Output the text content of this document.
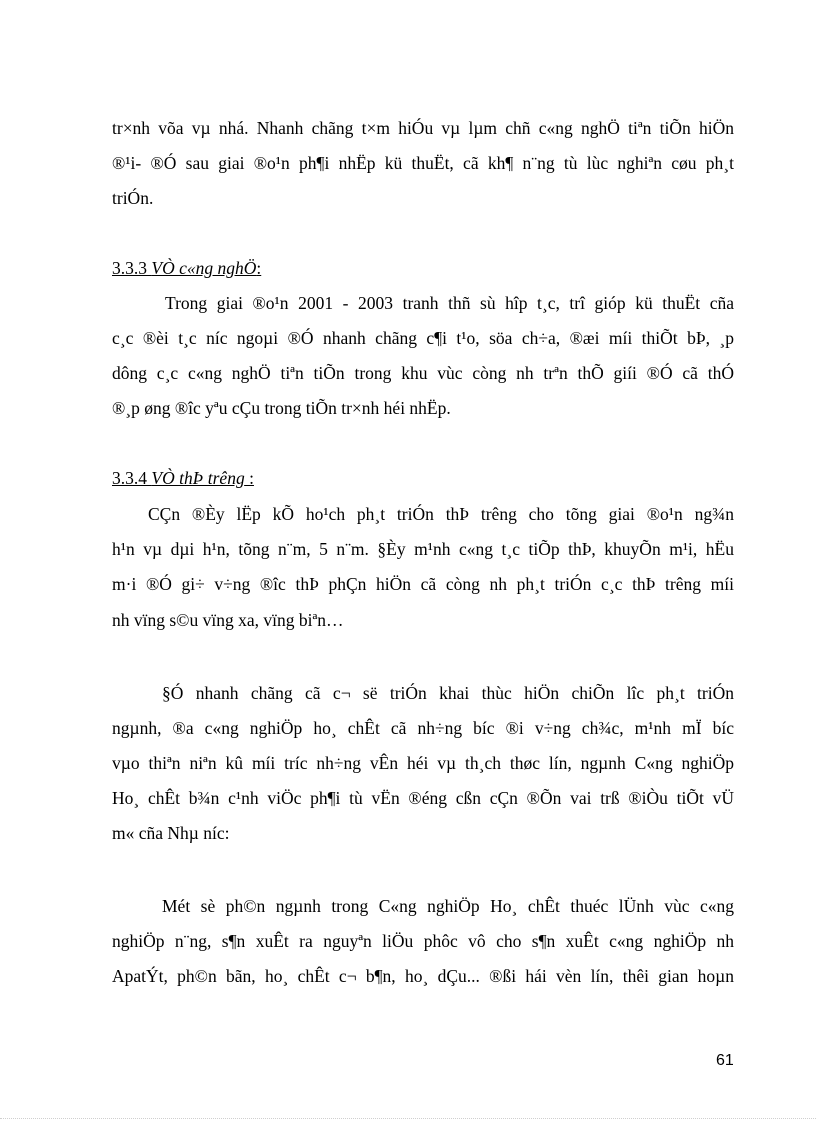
tr×nh võa vµ nhá. Nhanh chãng t×m hiÓu vµ lµm chñ c«ng nghÖ tiªn tiÕn hiÖn
®¹i- ®Ó sau giai ®o¹n ph¶i nhËp kü thuËt, cã kh¶ n¨ng tù lùc nghiªn cøu ph¸t
triÓn.
3.3.3 VÒ c«ng nghÖ:
Trong giai ®o¹n 2001 - 2003 tranh thñ sù hîp t¸c, trî gióp kü thuËt cña
c¸c ®èi t¸c níc ngoµi ®Ó nhanh chãng c¶i t¹o, söa ch÷a, ®æi míi thiÕt bÞ, ¸p
dông c¸c c«ng nghÖ tiªn tiÕn trong khu vùc còng nh trªn thÕ giíi ®Ó cã thÓ
®¸p øng ®îc yªu cÇu trong tiÕn tr×nh héi nhËp.
3.3.4 VÒ thÞ trêng :
CÇn ®Èy lËp kÕ ho¹ch ph¸t triÓn thÞ trêng cho tõng giai ®o¹n ng¾n
h¹n vµ dµi h¹n, tõng n¨m, 5 n¨m. §Èy m¹nh c«ng t¸c tiÕp thÞ, khuyÕn m¹i, hËu
m·i ®Ó gi÷ v÷ng ®îc thÞ phÇn hiÖn cã còng nh ph¸t triÓn c¸c thÞ trêng míi
nh vïng s©u vïng xa, vïng biªn…
§Ó nhanh chãng cã c¬ së triÓn khai thùc hiÖn chiÕn lîc ph¸t triÓn
ngµnh, ®a c«ng nghiÖp ho¸ chÊt cã nh÷ng bíc ®i v÷ng ch¾c, m¹nh mÏ bíc
vµo thiªn niªn kû míi tríc nh÷ng vÊn héi vµ th¸ch thøc lín, ngµnh C«ng nghiÖp
Ho¸ chÊt b¾n c¹nh viÖc ph¶i tù vËn ®éng cßn cÇn ®Õn vai trß ®iÒu tiÕt vÜ
m« cña Nhµ níc:
Mét sè ph©n ngµnh trong C«ng nghiÖp Ho¸ chÊt thuéc lÜnh vùc c«ng
nghiÖp n¨ng, s¶n xuÊt ra nguyªn liÖu phôc vô cho s¶n xuÊt c«ng nghiÖp nh
ApatÝt, ph©n bãn, ho¸ chÊt c¬ b¶n, ho¸ dÇu... ®ßi hái vèn lín, thêi gian hoµn
61
